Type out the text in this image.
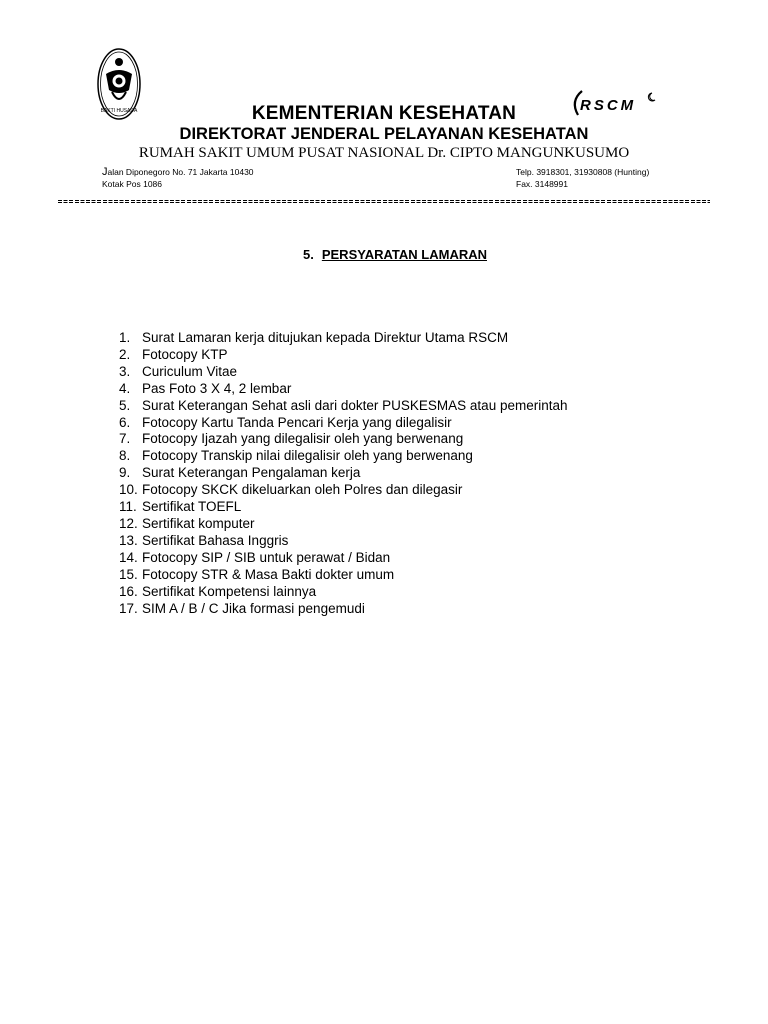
BAKTI HUSADA	RSCM
KEMENTERIAN KESEHATAN
DIREKTORAT JENDERAL PELAYANAN KESEHATAN
RUMAH SAKIT UMUM PUSAT NASIONAL Dr. CIPTO MANGUNKUSUMO
Jalan Diponegoro No. 71 Jakarta 10430
Kotak Pos 1086
Telp. 3918301, 31930808 (Hunting)
Fax. 3148991
5. PERSYARATAN LAMARAN
1. Surat Lamaran kerja ditujukan kepada Direktur Utama RSCM
2. Fotocopy KTP
3. Curiculum Vitae
4. Pas Foto 3 X 4, 2 lembar
5. Surat Keterangan Sehat asli dari dokter PUSKESMAS atau pemerintah
6. Fotocopy Kartu Tanda Pencari Kerja yang dilegalisir
7. Fotocopy Ijazah yang dilegalisir oleh yang berwenang
8. Fotocopy Transkip nilai dilegalisir oleh yang berwenang
9. Surat Keterangan Pengalaman kerja
10. Fotocopy SKCK dikeluarkan oleh Polres dan dilegasir
11. Sertifikat TOEFL
12. Sertifikat komputer
13. Sertifikat Bahasa Inggris
14. Fotocopy SIP / SIB untuk perawat / Bidan
15. Fotocopy STR & Masa Bakti dokter umum
16. Sertifikat Kompetensi lainnya
17. SIM A / B / C Jika formasi pengemudi
